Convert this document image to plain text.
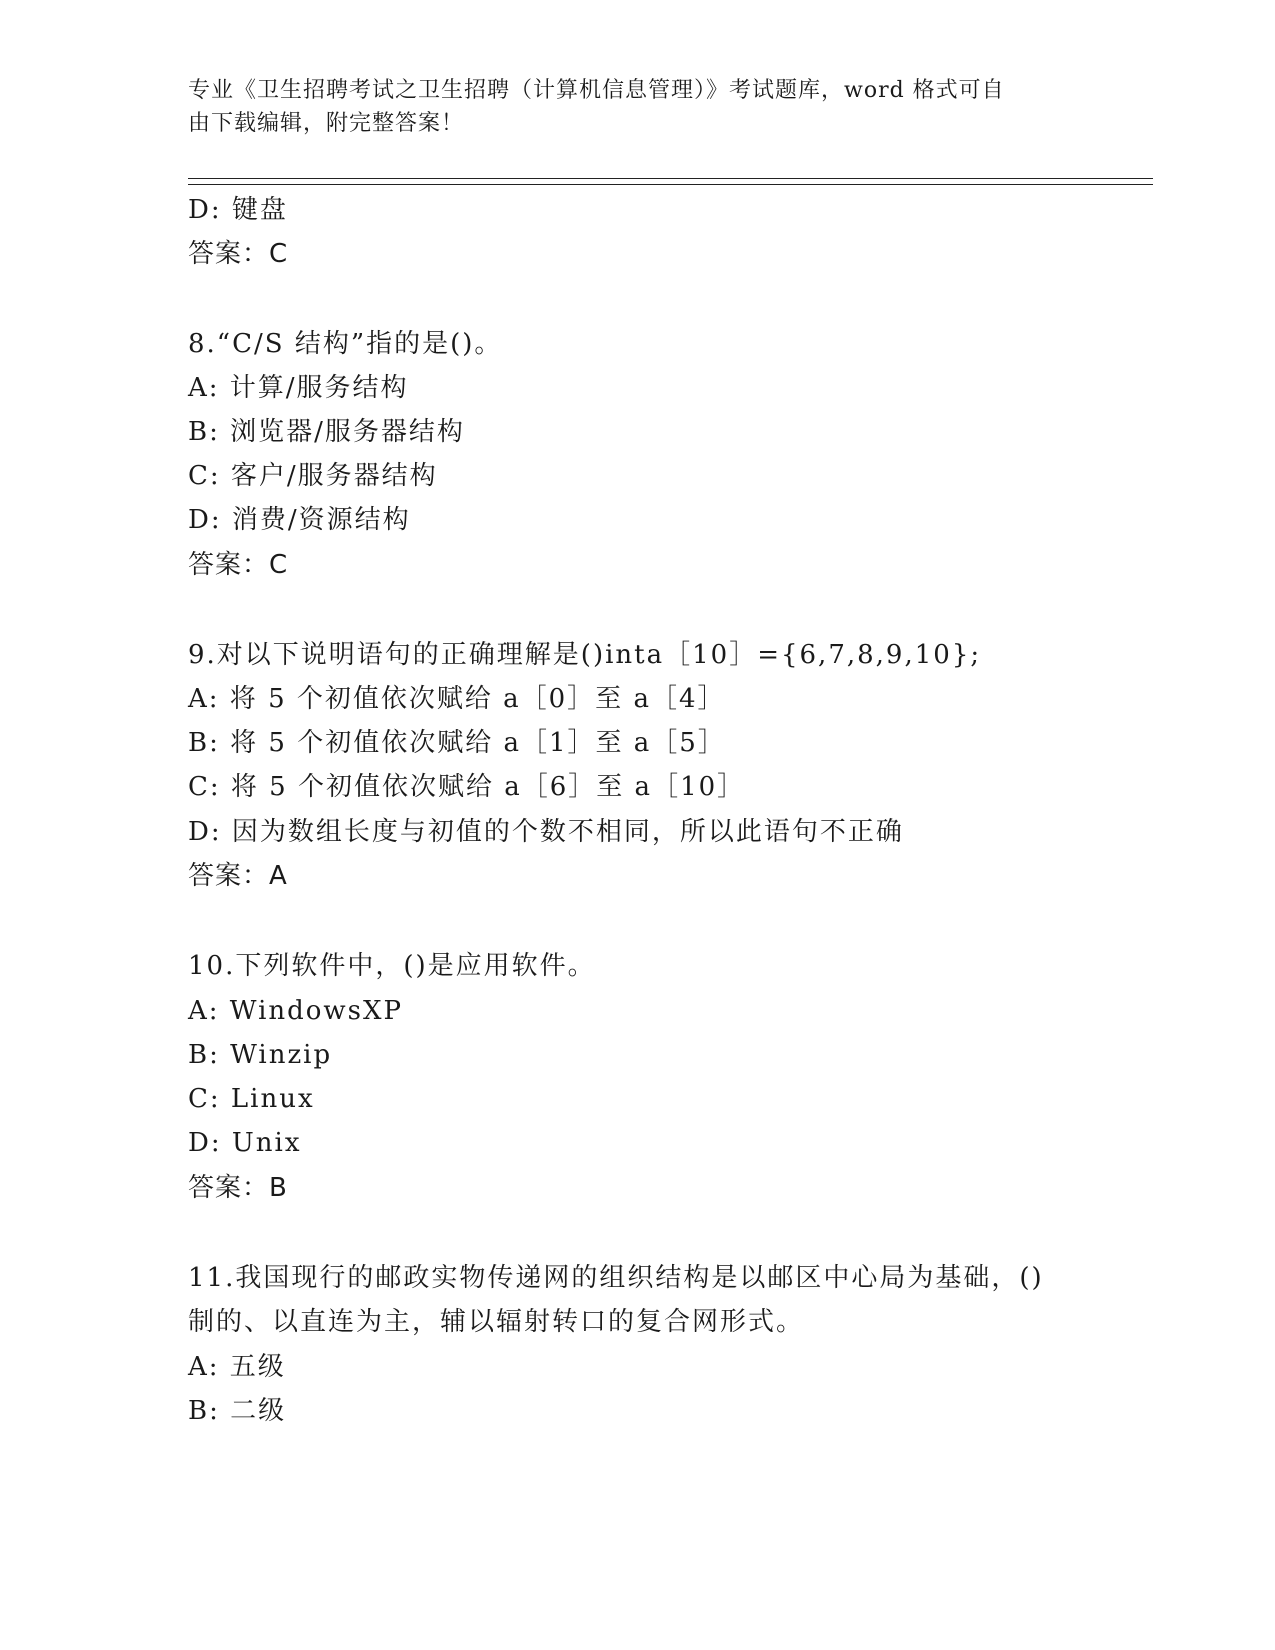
专业《卫生招聘考试之卫生招聘（计算机信息管理）》考试题库，word 格式可自
由下载编辑，附完整答案！
D: 键盘
答案：C
8.“C/S 结构”指的是()。
A: 计算/服务结构
B: 浏览器/服务器结构
C: 客户/服务器结构
D: 消费/资源结构
答案：C
9.对以下说明语句的正确理解是()inta［10］={6,7,8,9,10};
A: 将 5 个初值依次赋给 a［0］至 a［4］
B: 将 5 个初值依次赋给 a［1］至 a［5］
C: 将 5 个初值依次赋给 a［6］至 a［10］
D: 因为数组长度与初值的个数不相同，所以此语句不正确
答案：A
10.下列软件中，()是应用软件。
A: WindowsXP
B: Winzip
C: Linux
D: Unix
答案：B
11.我国现行的邮政实物传递网的组织结构是以邮区中心局为基础，()
制的、以直连为主，辅以辐射转口的复合网形式。
A: 五级
B: 二级
